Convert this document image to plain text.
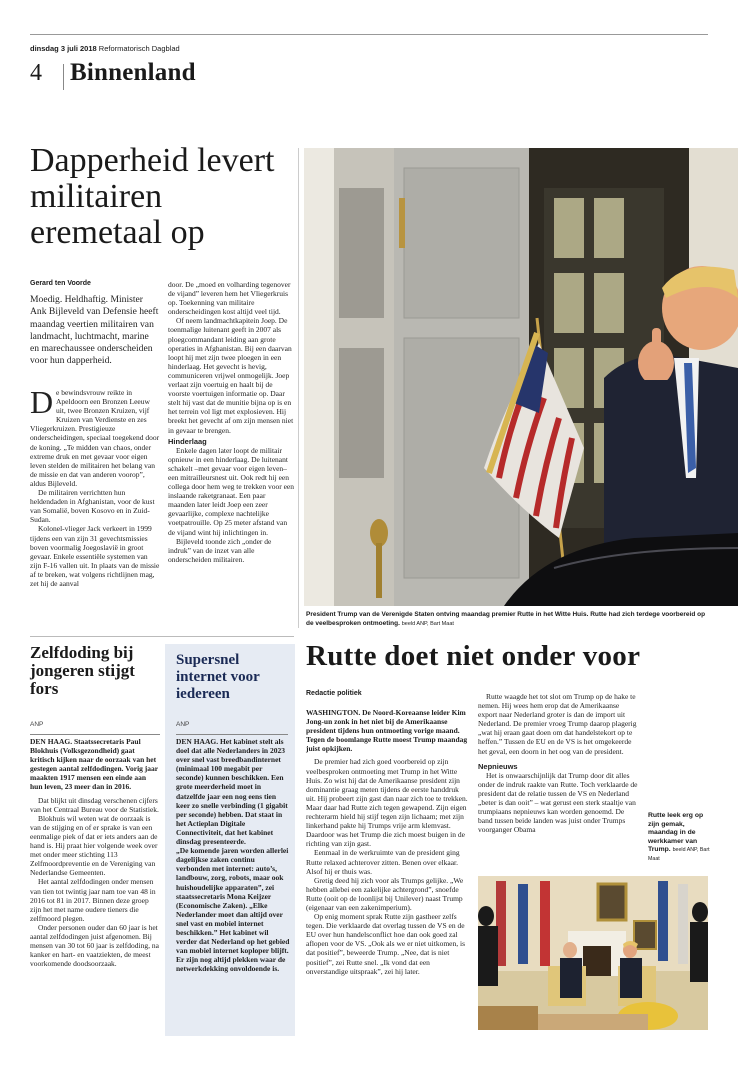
dinsdag 3 juli 2018 Reformatorisch Dagblad
4 Binnenland
Dapperheid levert militairen eremetaal op
Gerard ten Voorde
Moedig. Heldhaftig. Minister Ank Bijleveld van Defensie heeft maandag veertien militairen van landmacht, luchtmacht, marine en marechaussee onderscheiden voor hun dapperheid.
D e bewindsvrouw reikte in Apeldoorn een Bronzen Leeuw uit, twee Bronzen Kruizen, vijf Kruizen van Verdienste en zes Vliegerkruizen. Prestigieuze onderscheidingen, speciaal toegekend door de koning. „Te midden van chaos, onder extreme druk en met gevaar voor eigen leven stelden de militairen het belang van de missie en dat van anderen voorop”, aldus Bijleveld.

De militairen verrichtten hun heldendaden in Afghanistan, voor de kust van Somalië, boven Kosovo en in Zuid-Sudan.

Kolonel-vlieger Jack verkeert in 1999 tijdens een van zijn 31 gevechtsmissies boven voormalig Joegoslavië in groot gevaar. Enkele essentiële systemen van zijn F-16 vallen uit. In plaats van de missie af te breken, wat volgens richtlijnen mag, zet hij de aanval

door. De „moed en volharding tegenover de vijand” leveren hem het Vliegerkruis op. Toekenning van militaire onderscheidingen kost altijd veel tijd.

Of neem landmachtkapitein Joep. De toenmalige luitenant geeft in 2007 als ploegcommandant leiding aan grote operaties in Afghanistan. Bij een daarvan loopt hij met zijn twee ploegen in een hinderlaag. Het gevecht is hevig, communiceren vrijwel onmogelijk. Joep verlaat zijn voertuig en haalt bij de voorste voertuigen informatie op. Daar stelt hij vast dat de munitie bijna op is en het terrein vol ligt met explosieven. Hij breekt het gevecht af om zijn mensen niet in gevaar te brengen.

Hinderlaag

Enkele dagen later loopt de militair opnieuw in een hinderlaag. De luitenant schakelt –met gevaar voor eigen leven– een mitrailleursnest uit. Ook redt hij een collega door hem weg te trekken voor een inslaande raketgranaat. Een paar maanden later leidt Joep een zeer gevaarlijke, complexe nachtelijke voetpatrouille. Op 25 meter afstand van de vijand wint hij inlichtingen in.

Bijleveld toonde zich „onder de indruk” van de inzet van alle onderscheiden militairen.

President Trump van de Verenigde Staten ontving maandag premier Rutte in het Witte Huis. Rutte had zich terdege voorbereid op de veelbesproken ontmoeting. beeld ANP, Bart Maat
Zelfdoding bij jongeren stijgt fors
ANP

DEN HAAG. Staatssecretaris Paul Blokhuis (Volksgezondheid) gaat kritisch kijken naar de oorzaak van het gestegen aantal zelfdodingen. Vorig jaar maakten 1917 mensen een einde aan hun leven, 23 meer dan in 2016.

Dat blijkt uit dinsdag verschenen cijfers van het Centraal Bureau voor de Statistiek.

Blokhuis wil weten wat de oorzaak is van de stijging en of er sprake is van een eenmalige piek of dat er iets anders aan de hand is. Hij praat hier volgende week over met onder meer stichting 113 Zelfmoordpreventie en de Vereniging van Nederlandse Gemeenten.

Het aantal zelfdodingen onder mensen van tien tot twintig jaar nam toe van 48 in 2016 tot 81 in 2017. Binnen deze groep zijn het met name oudere tieners die zelfmoord plegen.

Onder personen ouder dan 60 jaar is het aantal zelfdodingen juist afgenomen. Bij mensen van 30 tot 60 jaar is zelfdoding, na kanker en hart- en vaatziekten, de meest voorkomende doodsoorzaak.

Supersnel internet voor iedereen
ANP

DEN HAAG. Het kabinet stelt als doel dat alle Nederlanders in 2023 over snel vast breedbandinternet (minimaal 100 megabit per seconde) kunnen beschikken. Een grote meerderheid moet in datzelfde jaar een nog eens tien keer zo snelle verbinding (1 gigabit per seconde) hebben. Dat staat in het Actieplan Digitale Connectiviteit, dat het kabinet dinsdag presenteerde.

„De komende jaren worden allerlei dagelijkse zaken continu verbonden met internet: auto’s, landbouw, zorg, robots, maar ook huishoudelijke apparaten”, zei staatssecretaris Mona Keijzer (Economische Zaken). „Elke Nederlander moet dan altijd over snel vast en mobiel internet beschikken.” Het kabinet wil verder dat Nederland op het gebied van mobiel internet koploper blijft. Er zijn nog altijd plekken waar de netwerkdekking onvoldoende is.

Rutte doet niet onder voor
Redactie politiek

WASHINGTON. De Noord-Koreaanse leider Kim Jong-un zonk in het niet bij de Amerikaanse president tijdens hun ontmoeting vorige maand. Tegen de boomlange Rutte moest Trump maandag juist opkijken.

De premier had zich goed voorbereid op zijn veelbesproken ontmoeting met Trump in het Witte Huis. Zo wist hij dat de Amerikaanse president zijn dominantie graag meten tijdens de eerste handdruk uit. Hij probeert zijn gast dan naar zich toe te trekken. Maar daar had Rutte zich tegen gewapend. Zijn eigen rechterarm hield hij stijf tegen zijn lichaam; met zijn linkerhand pakte hij Trumps vrije arm klemvast. Daardoor was het Trump die zich moest buigen in de richting van zijn gast.

Eenmaal in de werkruimte van de president ging Rutte relaxed achterover zitten. Benen over elkaar. Alsof hij er thuis was.

Gretig deed hij zich voor als Trumps gelijke. „We hebben allebei een zakelijke achtergrond”, snoefde Rutte (ooit op de loonlijst bij Unilever) naast Trump (eigenaar van een zakenimperium).

Op enig moment sprak Rutte zijn gastheer zelfs tegen. Die verklaarde dat overlag tussen de VS en de EU over hun handelsconflict hoe dan ook goed zal aflopen voor de VS. „Ook als we er niet uitkomen, is dat positief”, beweerde Trump. „Nee, dat is niet positief”, zei Rutte snel. „Ik vond dat een onverstandige uitspraak”, zei hij later.

Rutte waagde het tot slot om Trump op de hake te nemen. Hij wees hem erop dat de Amerikaanse export naar Nederland groter is dan de import uit Nederland. De premier vroeg Trump daarop plagerig „wat hij eraan gaat doen om dat handelstekort op te heffen.” Tussen de EU en de VS is het omgekeerde het geval, een doorn in het oog van de president.

Nepnieuws

Het is onwaarschijnlijk dat Trump door dit alles onder de indruk raakte van Rutte. Toch verklaarde de president dat de relatie tussen de VS en Nederland „beter is dan ooit” – wat gerust een sterk staaltje van trumpiaans nepnieuws kan worden genoemd. De band tussen beide landen was juist onder Trumps voorganger Obama

Rutte leek erg op zijn gemak, maandag in de werkkamer van Trump. beeld ANP, Bart Maat
